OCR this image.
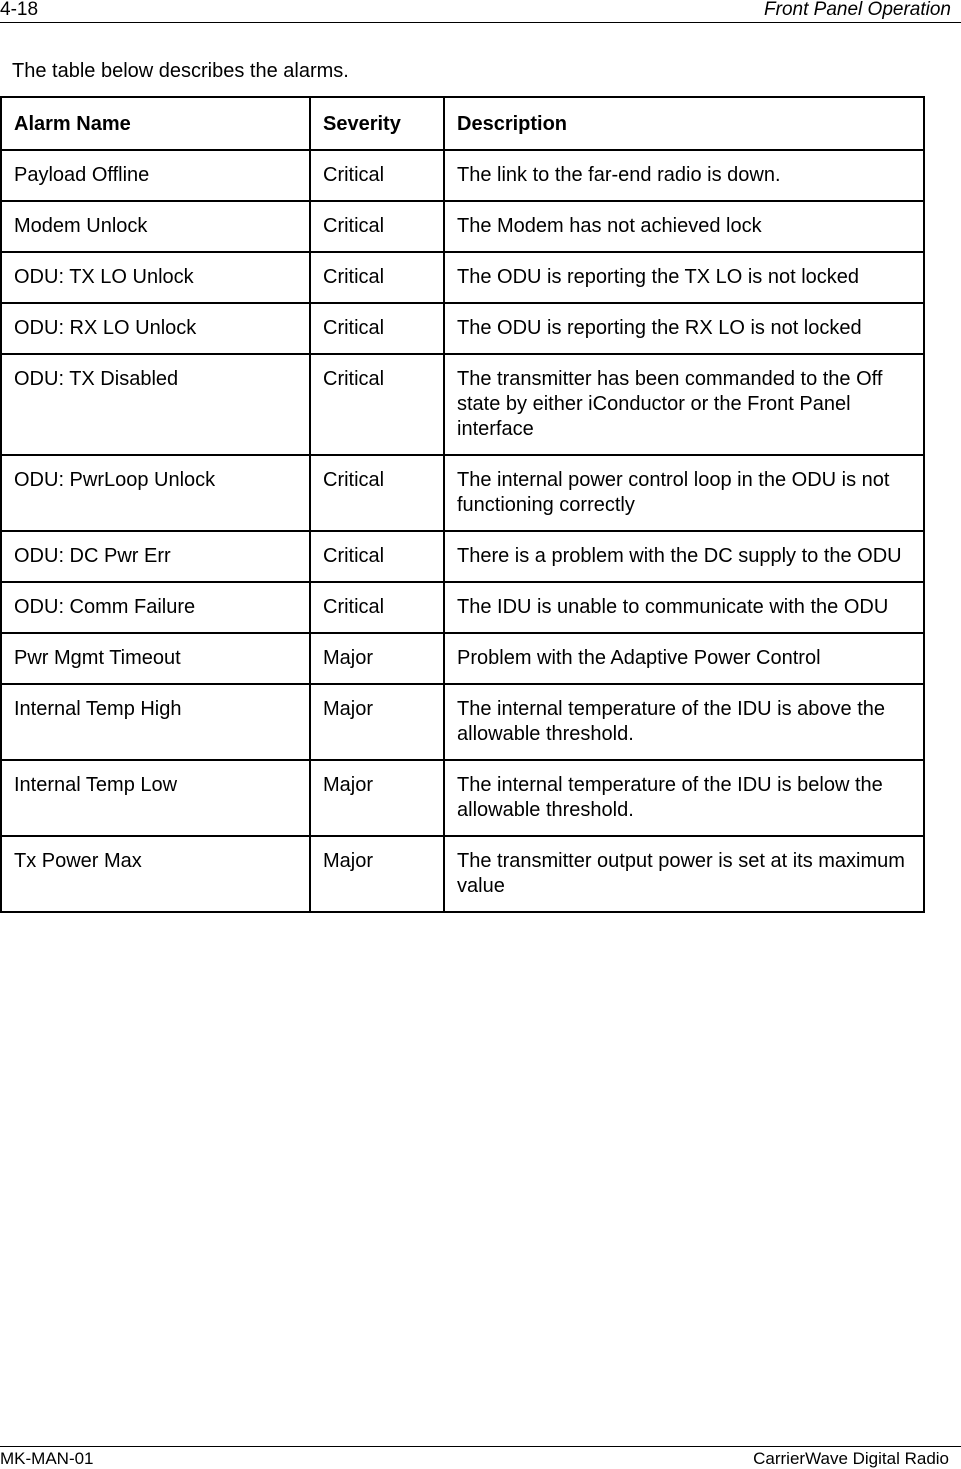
4-18	Front Panel Operation
The table below describes the alarms.
Alarm Name	Severity	Description
Payload Offline	Critical	The link to the far-end radio is down.
Modem Unlock	Critical	The Modem has not achieved lock
ODU: TX LO Unlock	Critical	The ODU is reporting the TX LO is not locked
ODU: RX LO Unlock	Critical	The ODU is reporting the RX LO is not locked
ODU: TX Disabled	Critical	The transmitter has been commanded to the Off state by either iConductor or the Front Panel interface
ODU: PwrLoop Unlock	Critical	The internal power control loop in the ODU is not functioning correctly
ODU: DC Pwr Err	Critical	There is a problem with the DC supply to the ODU
ODU: Comm Failure	Critical	The IDU is unable to communicate with the ODU
Pwr Mgmt Timeout	Major	Problem with the Adaptive Power Control
Internal Temp High	Major	The internal temperature of the IDU is above the allowable threshold.
Internal Temp Low	Major	The internal temperature of the IDU is below the allowable threshold.
Tx Power Max	Major	The transmitter output power is set at its maximum value
MK-MAN-01	CarrierWave Digital Radio
